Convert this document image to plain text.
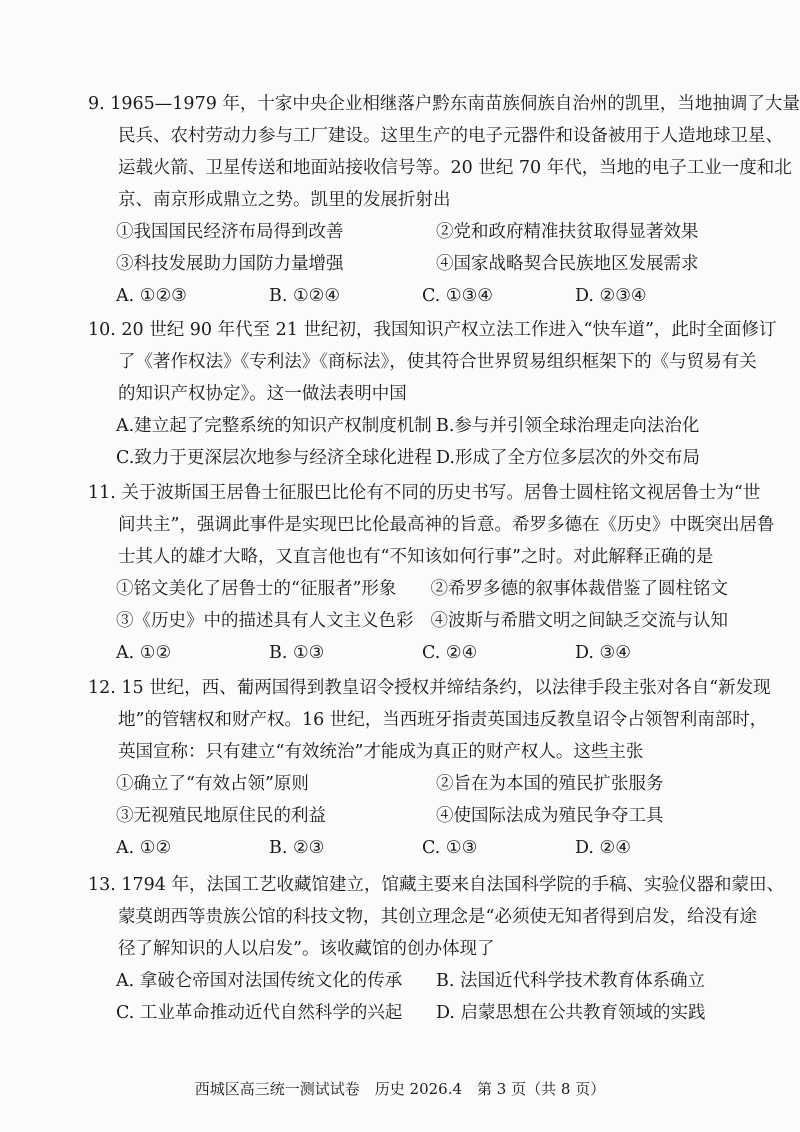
9. 1965—1979 年，十家中央企业相继落户黔东南苗族侗族自治州的凯里，当地抽调了大量
民兵、农村劳动力参与工厂建设。这里生产的电子元器件和设备被用于人造地球卫星、
运载火箭、卫星传送和地面站接收信号等。20 世纪 70 年代，当地的电子工业一度和北
京、南京形成鼎立之势。凯里的发展折射出
①我国国民经济布局得到改善	②党和政府精准扶贫取得显著效果
③科技发展助力国防力量增强	④国家战略契合民族地区发展需求
A. ①②③	B. ①②④	C. ①③④	D. ②③④
10. 20 世纪 90 年代至 21 世纪初，我国知识产权立法工作进入“快车道”，此时全面修订
了《著作权法》《专利法》《商标法》，使其符合世界贸易组织框架下的《与贸易有关
的知识产权协定》。这一做法表明中国
A.建立起了完整系统的知识产权制度机制 B.参与并引领全球治理走向法治化
C.致力于更深层次地参与经济全球化进程 D.形成了全方位多层次的外交布局
11. 关于波斯国王居鲁士征服巴比伦有不同的历史书写。居鲁士圆柱铭文视居鲁士为“世
间共主”，强调此事件是实现巴比伦最高神的旨意。希罗多德在《历史》中既突出居鲁
士其人的雄才大略，又直言他也有“不知该如何行事”之时。对此解释正确的是
①铭文美化了居鲁士的“征服者”形象	②希罗多德的叙事体裁借鉴了圆柱铭文
③《历史》中的描述具有人文主义色彩 ④波斯与希腊文明之间缺乏交流与认知
A. ①②	B. ①③	C. ②④	D. ③④
12. 15 世纪，西、葡两国得到教皇诏令授权并缔结条约，以法律手段主张对各自“新发现
地”的管辖权和财产权。16 世纪，当西班牙指责英国违反教皇诏令占领智利南部时，
英国宣称：只有建立“有效统治”才能成为真正的财产权人。这些主张
①确立了“有效占领”原则	②旨在为本国的殖民扩张服务
③无视殖民地原住民的利益	④使国际法成为殖民争夺工具
A. ①②	B. ②③	C. ①③	D. ②④
13. 1794 年，法国工艺收藏馆建立，馆藏主要来自法国科学院的手稿、实验仪器和蒙田、
蒙莫朗西等贵族公馆的科技文物，其创立理念是“必须使无知者得到启发，给没有途
径了解知识的人以启发”。该收藏馆的创办体现了
A. 拿破仑帝国对法国传统文化的传承	B. 法国近代科学技术教育体系确立
C. 工业革命推动近代自然科学的兴起	D. 启蒙思想在公共教育领域的实践
西城区高三统一测试试卷　历史 2026.4　第 3 页（共 8 页）
